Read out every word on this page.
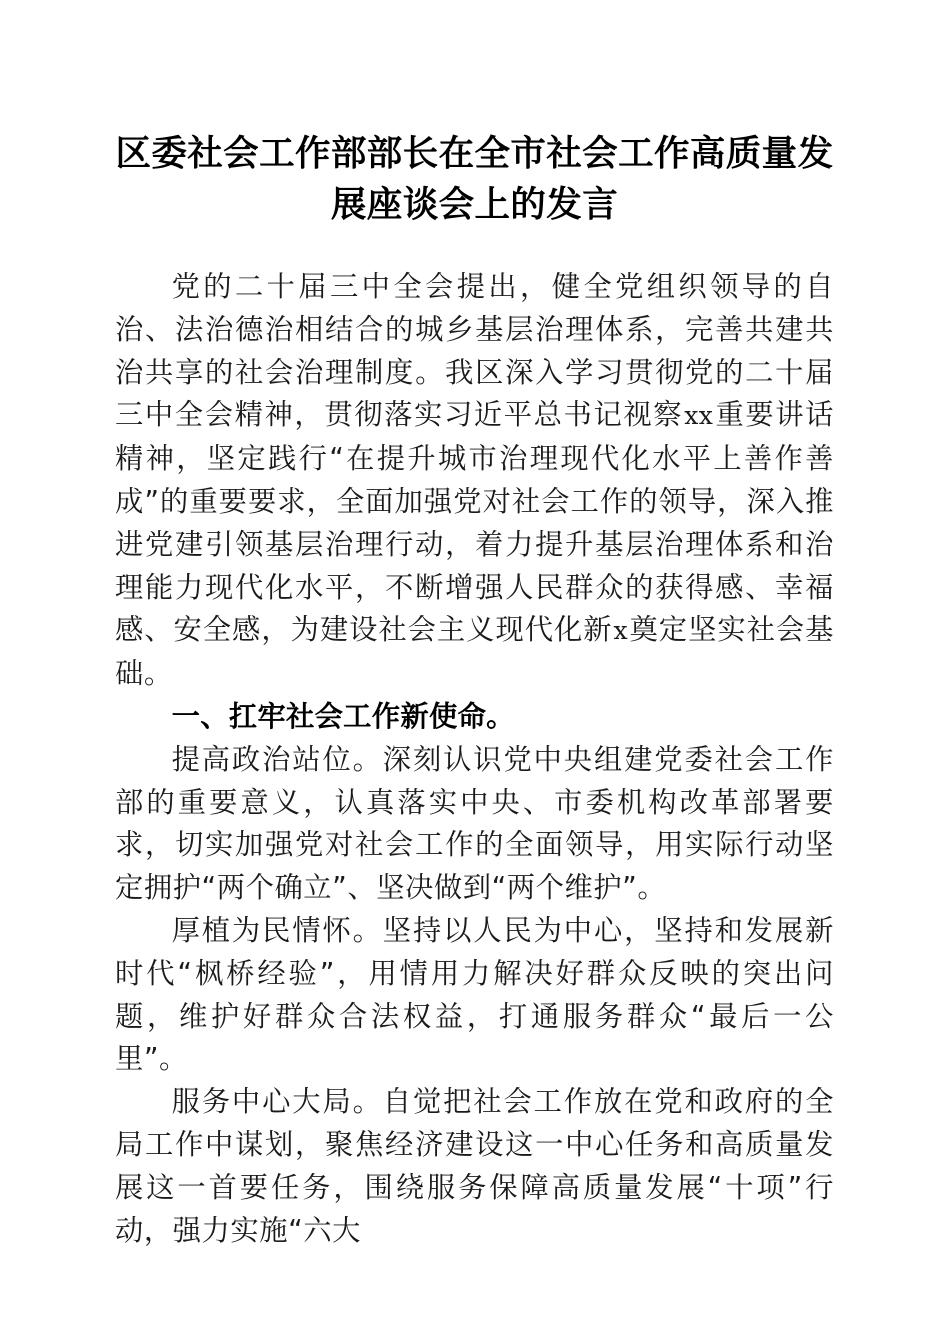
区委社会工作部部长在全市社会工作高质量发展座谈会上的发言

党的二十届三中全会提出，健全党组织领导的自治、法治德治相结合的城乡基层治理体系，完善共建共治共享的社会治理制度。我区深入学习贯彻党的二十届三中全会精神，贯彻落实习近平总书记视察xx重要讲话精神，坚定践行“在提升城市治理现代化水平上善作善成”的重要要求，全面加强党对社会工作的领导，深入推进党建引领基层治理行动，着力提升基层治理体系和治理能力现代化水平，不断增强人民群众的获得感、幸福感、安全感，为建设社会主义现代化新x奠定坚实社会基础。

一、扛牢社会工作新使命。

提高政治站位。深刻认识党中央组建党委社会工作部的重要意义，认真落实中央、市委机构改革部署要求，切实加强党对社会工作的全面领导，用实际行动坚定拥护“两个确立”、坚决做到“两个维护”。

厚植为民情怀。坚持以人民为中心，坚持和发展新时代“枫桥经验”，用情用力解决好群众反映的突出问题，维护好群众合法权益，打通服务群众“最后一公里”。

服务中心大局。自觉把社会工作放在党和政府的全局工作中谋划，聚焦经济建设这一中心任务和高质量发展这一首要任务，围绕服务保障高质量发展“十项”行动，强力实施“六大
